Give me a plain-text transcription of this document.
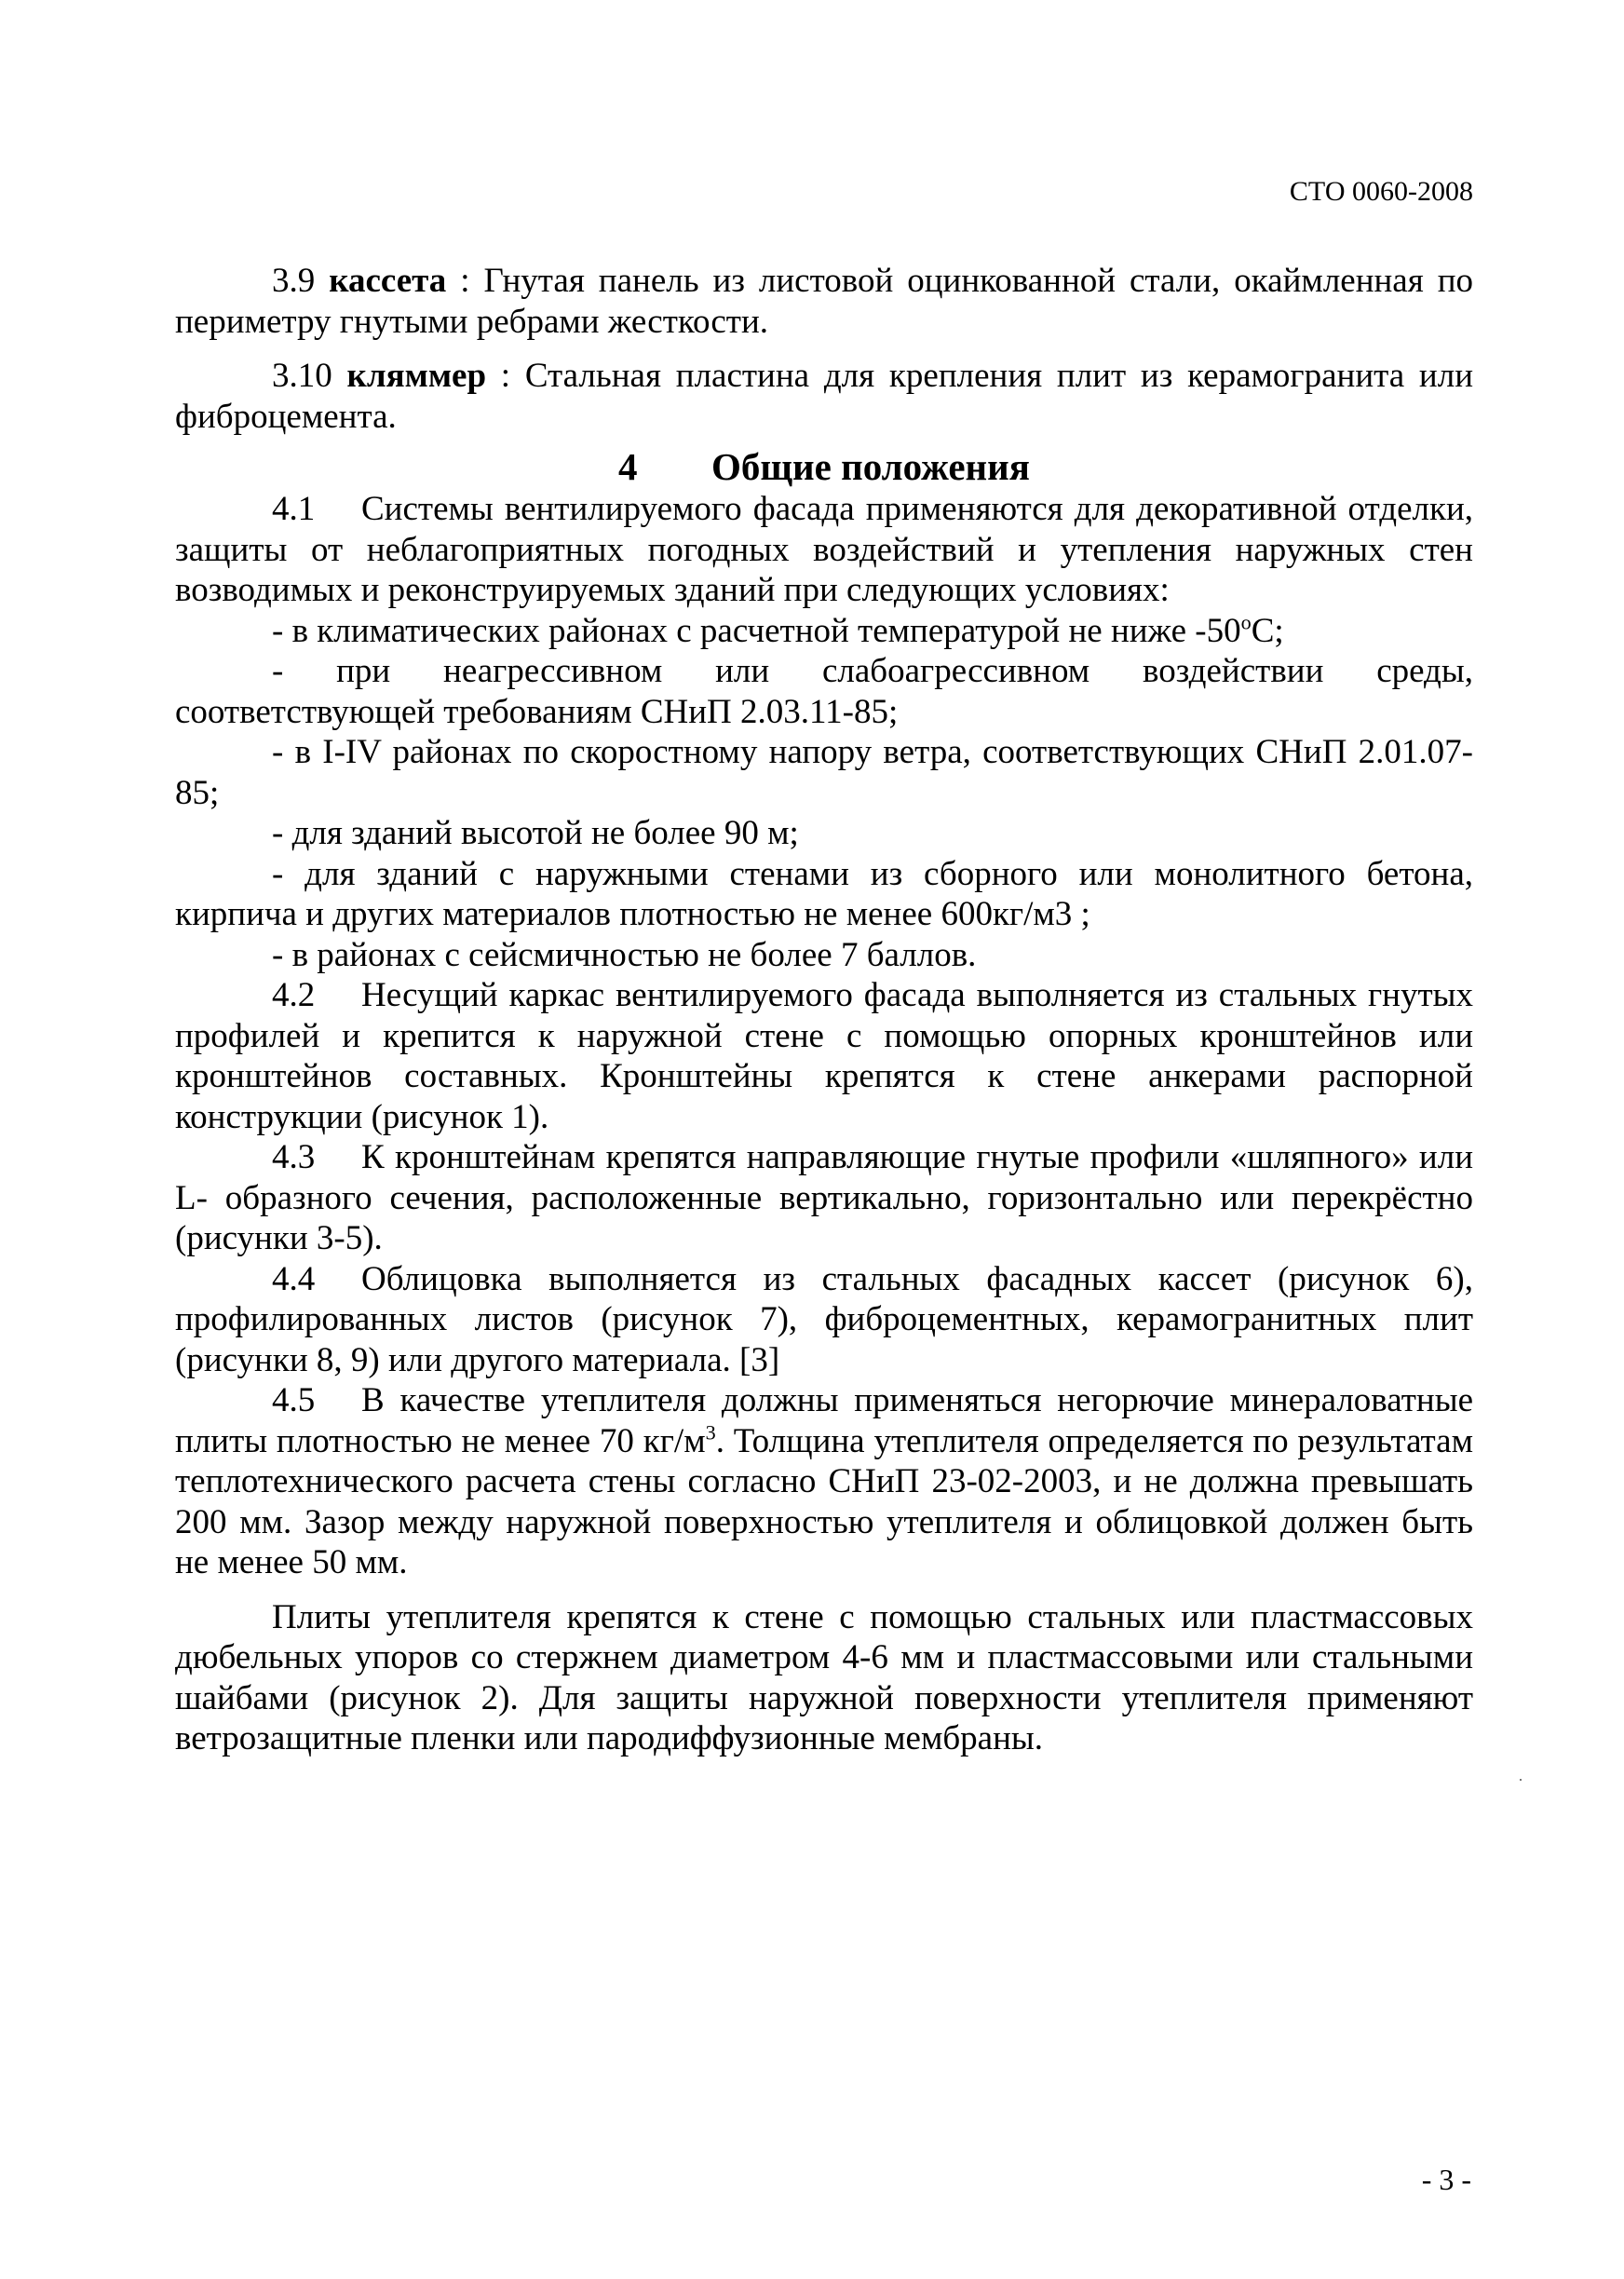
СТО 0060-2008

3.9 кассета : Гнутая панель из листовой оцинкованной стали, окаймленная по периметру гнутыми ребрами жесткости.

3.10 кляммер : Стальная пластина для крепления плит из керамогранита или фиброцемента.

4 Общие положения

4.1 Системы вентилируемого фасада применяются для декоративной отделки, защиты от неблагоприятных погодных воздействий и утепления наружных стен возводимых и реконструируемых зданий при следующих условиях:

- в климатических районах с расчетной температурой не ниже $-50^оС$;

- при неагрессивном или слабоагрессивном воздействии среды, соответствующей требованиям СНиП 2.03.11-85;

- в I-IV районах по скоростному напору ветра, соответствующих СНиП 2.01.07-85;

- для зданий высотой не более 90 м;

- для зданий с наружными стенами из сборного или монолитного бетона, кирпича и других материалов плотностью не менее 600кг/м3 ;

- в районах с сейсмичностью не более 7 баллов.

4.2 Несущий каркас вентилируемого фасада выполняется из стальных гнутых профилей и крепится к наружной стене с помощью опорных кронштейнов или кронштейнов составных. Кронштейны крепятся к стене анкерами распорной конструкции (рисунок 1).

4.3 К кронштейнам крепятся направляющие гнутые профили «шляпного» или L- образного сечения, расположенные вертикально, горизонтально или перекрёстно (рисунки 3-5).

4.4 Облицовка выполняется из стальных фасадных кассет (рисунок 6), профилированных листов (рисунок 7), фиброцементных, керамогранитных плит (рисунки 8, 9) или другого материала. [3]

4.5 В качестве утеплителя должны применяться негорючие минераловатные плиты плотностью не менее 70 $кг/м^3$. Толщина утеплителя определяется по результатам теплотехнического расчета стены согласно СНиП 23-02-2003, и не должна превышать 200 мм. Зазор между наружной поверхностью утеплителя и облицовкой должен быть не менее 50 мм.

Плиты утеплителя крепятся к стене с помощью стальных или пластмассовых дюбельных упоров со стержнем диаметром 4-6 мм и пластмассовыми или стальными шайбами (рисунок 2). Для защиты наружной поверхности утеплителя применяют ветрозащитные пленки или пародиффузионные мембраны.

- 3 -
